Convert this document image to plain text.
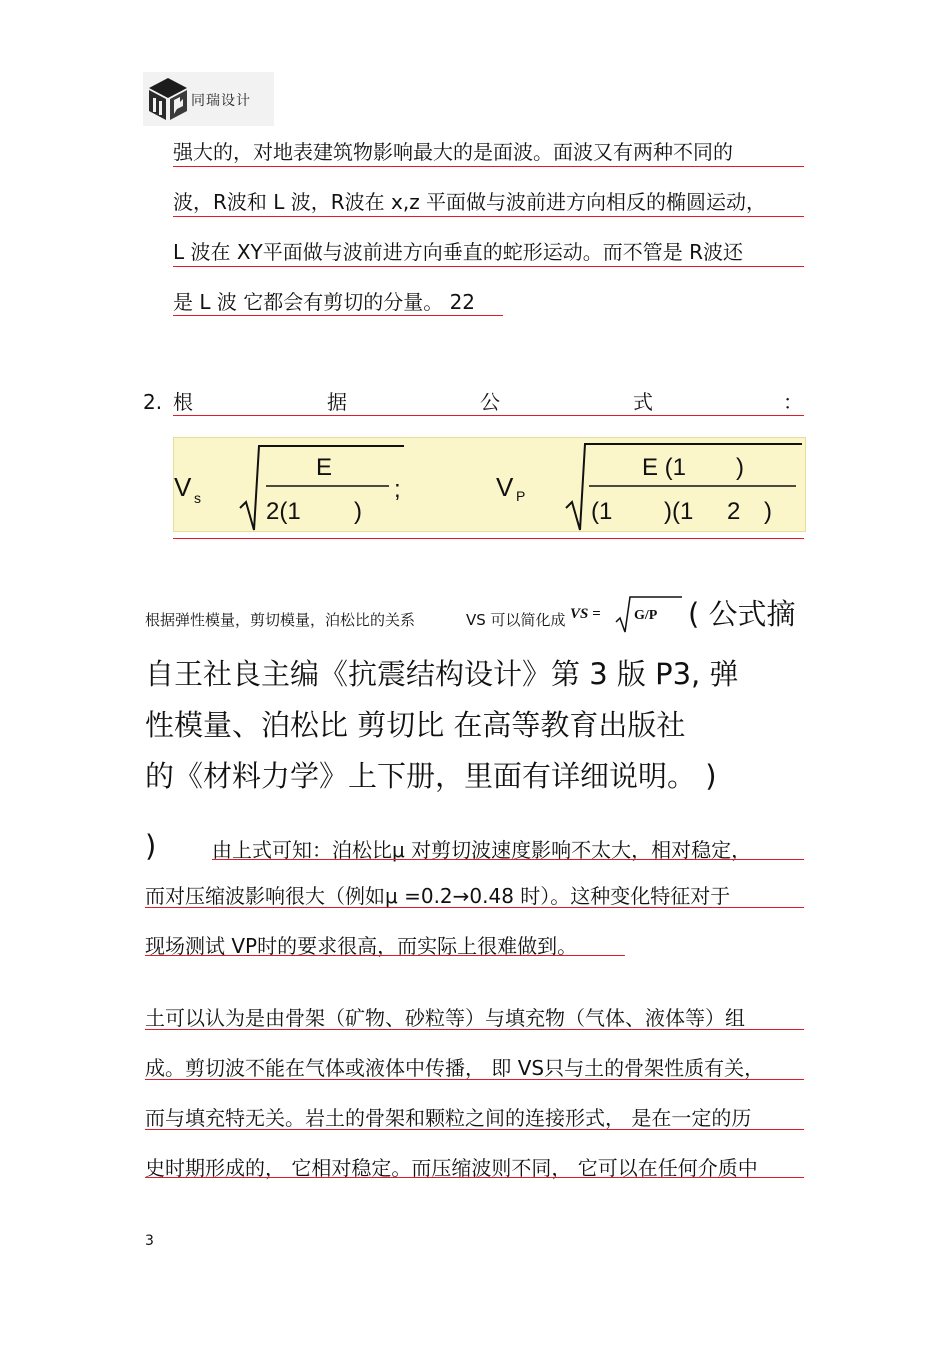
同瑞设计
强大的，对地表建筑物影响最大的是面波。面波又有两种不同的
波，R波和 L 波，R波在 x,z 平面做与波前进方向相反的椭圆运动，
L 波在 XY平面做与波前进方向垂直的蛇形运动。而不管是 R波还
是 L 波 它都会有剪切的分量。 22
2. 根	据	公	式	：
V s
E
2(1 )
;	V P
E (1 )
(1 )(1 2 )
根据弹性模量，剪切模量，泊松比的关系	VS 可以简化成 VS = G/P ( 公式摘
自王社良主编《抗震结构设计》第 3 版 P3, 弹
性模量、泊松比 剪切比 在高等教育出版社
的《材料力学》上下册，里面有详细说明。 )
)	由上式可知：泊松比μ 对剪切波速度影响不太大，相对稳定，
而对压缩波影响很大（例如μ =0.2→0.48 时）。这种变化特征对于
现场测试 VP时的要求很高，而实际上很难做到。
土可以认为是由骨架（矿物、砂粒等）与填充物（气体、液体等）组
成。剪切波不能在气体或液体中传播， 即 VS只与土的骨架性质有关，
而与填充特无关。岩土的骨架和颗粒之间的连接形式， 是在一定的历
史时期形成的， 它相对稳定。而压缩波则不同， 它可以在任何介质中
3
